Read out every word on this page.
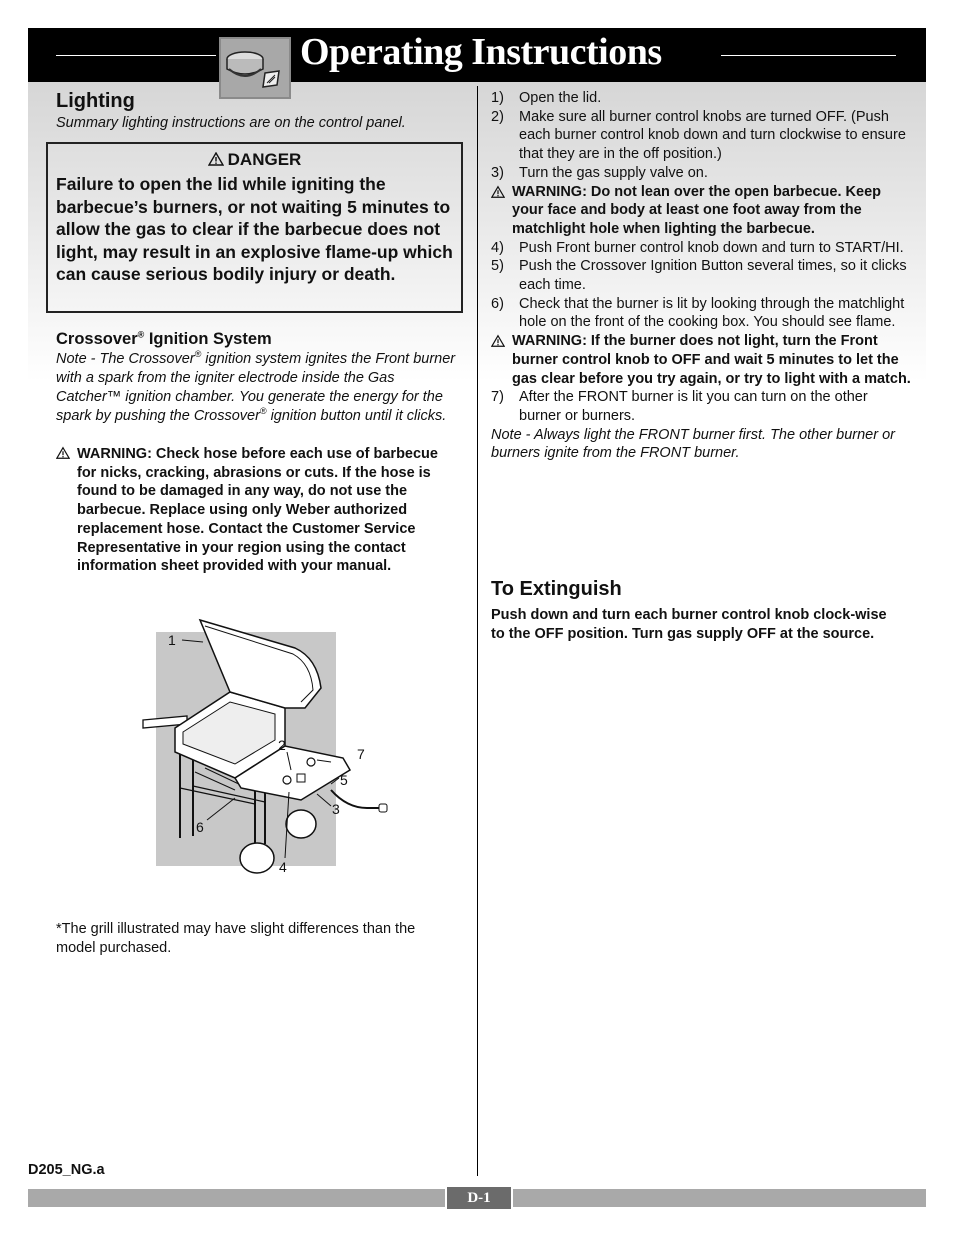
Operating Instructions
Lighting
Summary lighting instructions are on the control panel.
DANGER
Failure to open the lid while igniting the barbecue’s burners, or not waiting 5 minutes to allow the gas to clear if the barbecue does not light, may result in an explosive flame-up which can cause serious bodily injury or death.
Crossover® Ignition System
Note - The Crossover® ignition system ignites the Front burner with a spark from the igniter electrode inside the Gas Catcher™ ignition chamber. You generate the energy for the spark by pushing the Crossover® ignition button until it clicks.
WARNING: Check hose before each use of barbecue for nicks, cracking, abrasions or cuts. If the hose is found to be damaged in any way, do not use the barbecue. Replace using only Weber authorized replacement hose. Contact the Customer Service Representative in your region using the contact information sheet provided with your manual.
1
2
7
5
3
6
4
*The grill illustrated may have slight differences than the model purchased.
1) Open the lid.
2) Make sure all burner control knobs are turned OFF. (Push each burner control knob down and turn clockwise to ensure that they are in the off position.)
3) Turn the gas supply valve on.
WARNING: Do not lean over the open barbecue. Keep your face and body at least one foot away from the matchlight hole when lighting the barbecue.
4) Push Front burner control knob down and turn to START/HI.
5) Push the Crossover Ignition Button several times, so it clicks each time.
6) Check that the burner is lit by looking through the matchlight hole on the front of the cooking box. You should see flame.
WARNING: If the burner does not light, turn the Front burner control knob to OFF and wait 5 minutes to let the gas clear before you try again, or try to light with a match.
7) After the FRONT burner is lit you can turn on the other burner or burners.
Note - Always light the FRONT burner first. The other burner or burners ignite from the FRONT burner.
To Extinguish
Push down and turn each burner control knob clock-wise to the OFF position. Turn gas supply OFF at the source.
D205_NG.a
D-1
